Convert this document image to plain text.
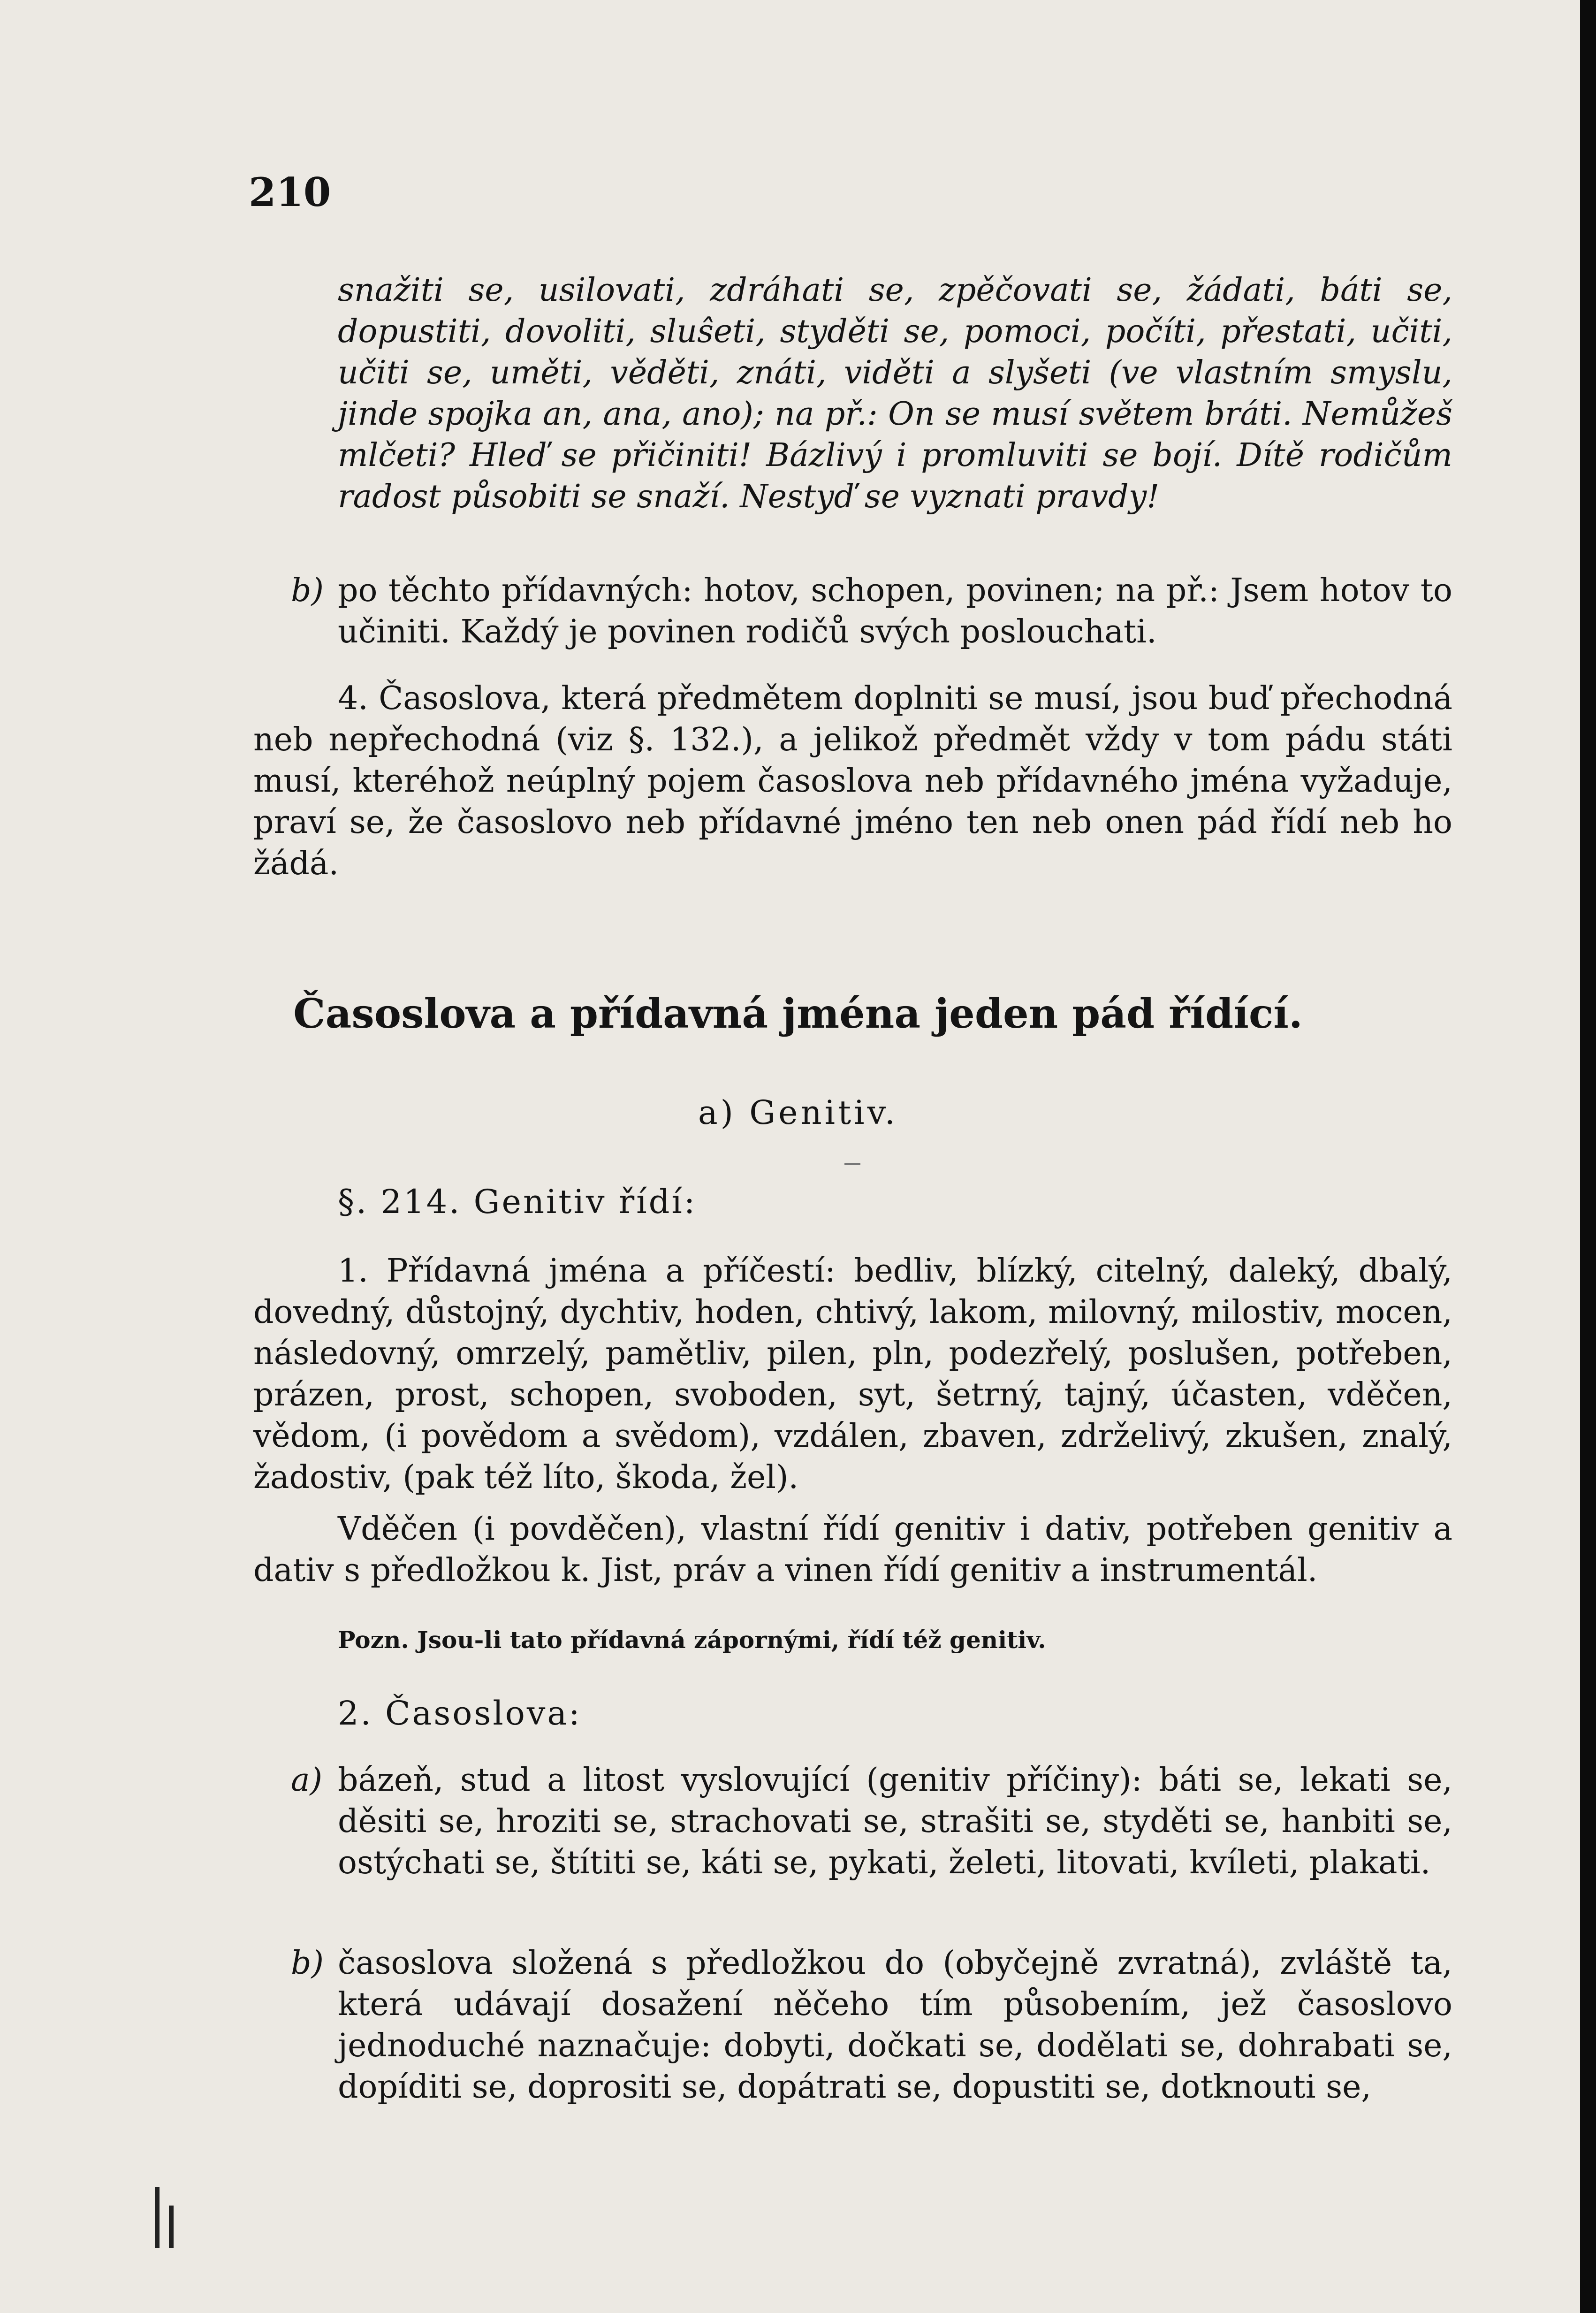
210
snažiti se, usilovati, zdráhati se, zpěčovati se, žádati, báti se, dopustiti, dovoliti, sluŝeti, styděti se, pomoci, počíti, přestati, učiti, učiti se, uměti, věděti, znáti, viděti a slyšeti (ve vlastním smyslu, jinde spojka an, ana, ano); na př.: On se musí světem bráti. Nemůžeš mlčeti? Hleď se přičiniti! Bázlivý i promluviti se bojí. Dítě rodičům radost působiti se snaží. Nestyď se vyznati pravdy!
b) po těchto přídavných: hotov, schopen, povinen; na př.: Jsem hotov to učiniti. Každý je povinen rodičů svých poslouchati.
4. Časoslova, která předmětem doplniti se musí, jsou buď přechodná neb nepřechodná (viz §. 132.), a jelikož předmět vždy v tom pádu státi musí, kteréhož neúplný pojem časoslova neb přídavného jména vyžaduje, praví se, že časoslovo neb přídavné jméno ten neb onen pád řídí neb ho žádá.
Časoslova a přídavná jména jeden pád řídící.
a) Genitiv.
§. 214. Genitiv řídí:
1. Přídavná jména a příčestí: bedliv, blízký, citelný, daleký, dbalý, dovedný, důstojný, dychtiv, hoden, chtivý, lakom, milovný, milostiv, mocen, následovný, omrzelý, pamětliv, pilen, pln, podezřelý, poslušen, potřeben, prázen, prost, schopen, svoboden, syt, šetrný, tajný, účasten, vděčen, vědom, (i povědom a svědom), vzdálen, zbaven, zdrželivý, zkušen, znalý, žadostiv, (pak též líto, škoda, žel).
Vděčen (i povděčen), vlastní řídí genitiv i dativ, potřeben genitiv a dativ s předložkou k. Jist, práv a vinen řídí genitiv a instrumentál.
Pozn. Jsou-li tato přídavná zápornými, řídí též genitiv.
2. Časoslova:
a) bázeň, stud a litost vyslovující (genitiv příčiny): báti se, lekati se, děsiti se, hroziti se, strachovati se, strašiti se, styděti se, hanbiti se, ostýchati se, štítiti se, káti se, pykati, želeti, litovati, kvíleti, plakati.
b) časoslova složená s předložkou do (obyčejně zvratná), zvláště ta, která udávají dosažení něčeho tím působením, jež časoslovo jednoduché naznačuje: dobyti, dočkati se, dodělati se, dohrabati se, dopíditi se, doprositi se, dopátrati se, dopustiti se, dotknouti se,
